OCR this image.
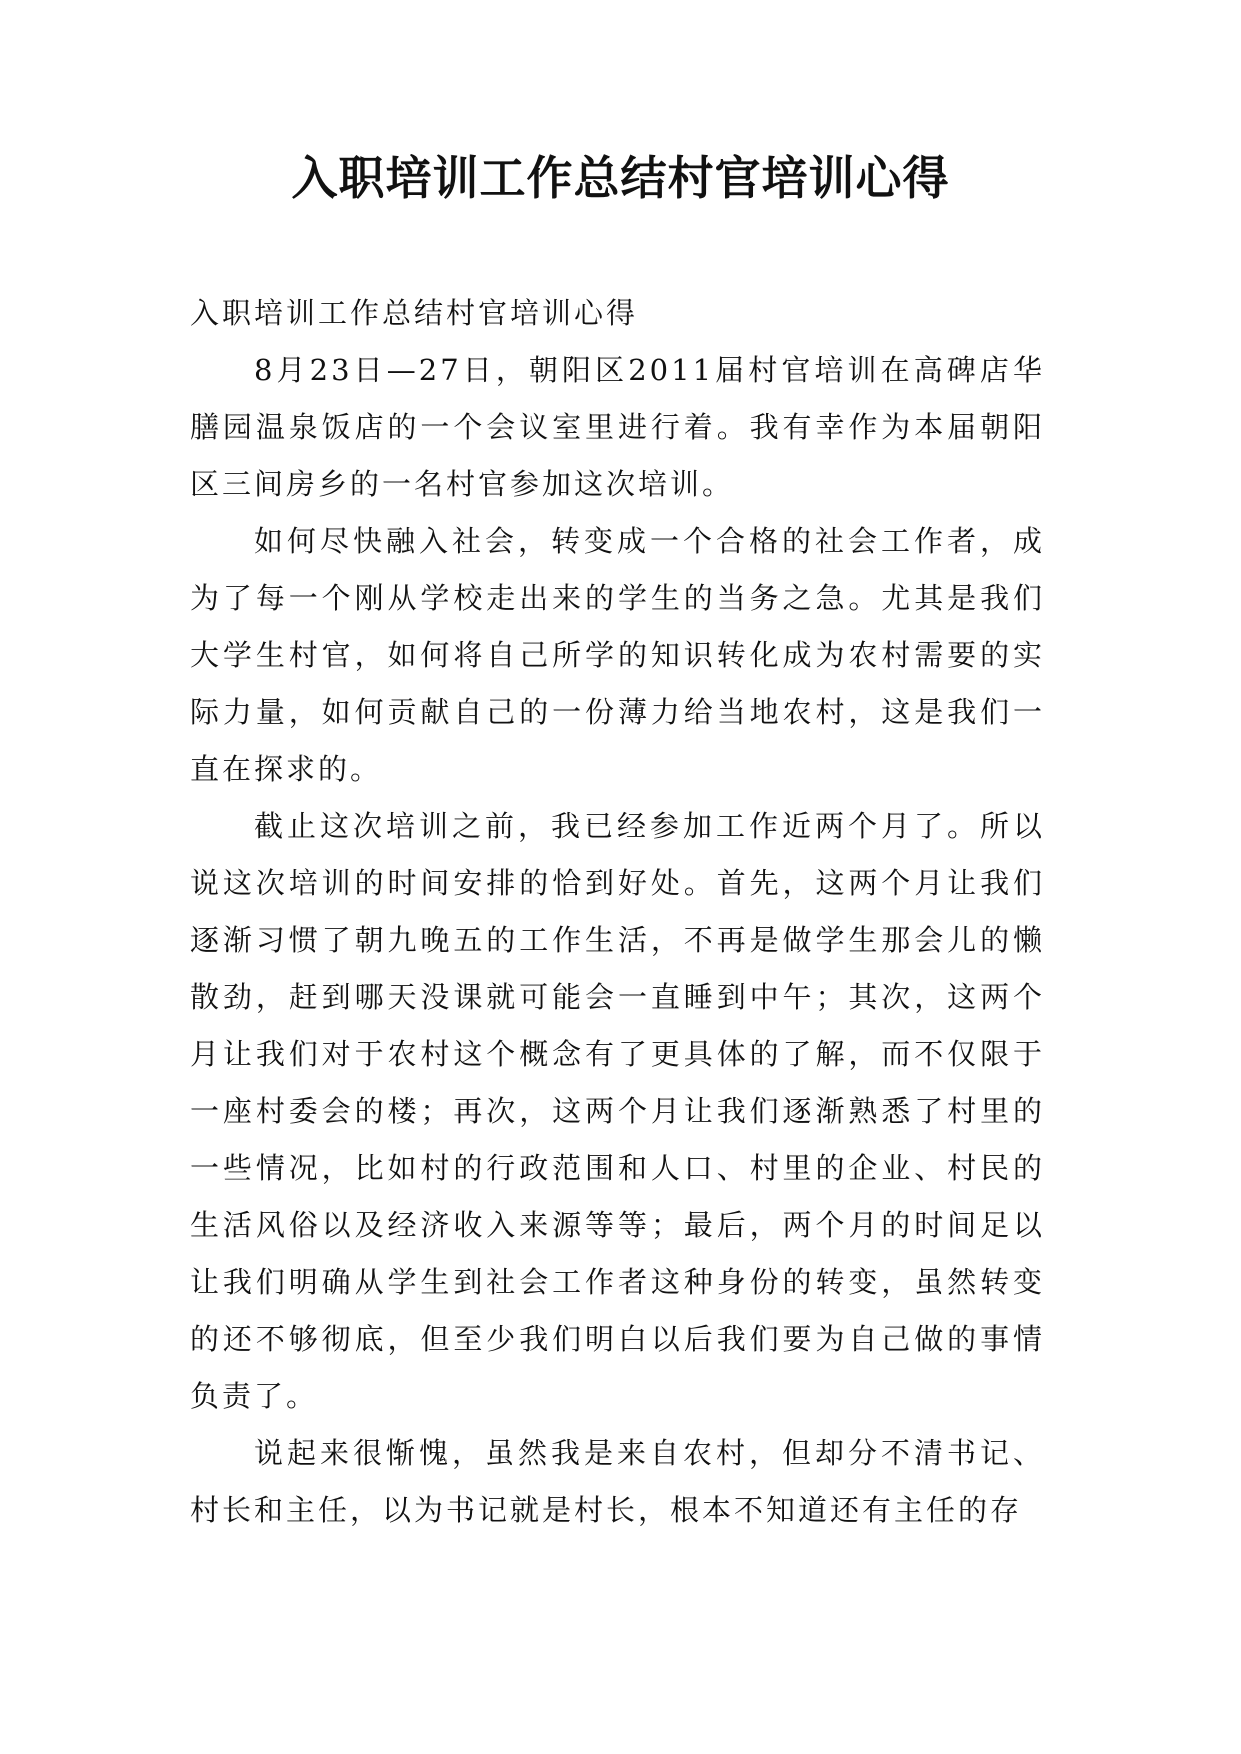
入职培训工作总结村官培训心得

入职培训工作总结村官培训心得

8月23日—27日，朝阳区2011届村官培训在高碑店华膳园温泉饭店的一个会议室里进行着。我有幸作为本届朝阳区三间房乡的一名村官参加这次培训。

如何尽快融入社会，转变成一个合格的社会工作者，成为了每一个刚从学校走出来的学生的当务之急。尤其是我们大学生村官，如何将自己所学的知识转化成为农村需要的实际力量，如何贡献自己的一份薄力给当地农村，这是我们一直在探求的。

截止这次培训之前，我已经参加工作近两个月了。所以说这次培训的时间安排的恰到好处。首先，这两个月让我们逐渐习惯了朝九晚五的工作生活，不再是做学生那会儿的懒散劲，赶到哪天没课就可能会一直睡到中午；其次，这两个月让我们对于农村这个概念有了更具体的了解，而不仅限于一座村委会的楼；再次，这两个月让我们逐渐熟悉了村里的一些情况，比如村的行政范围和人口、村里的企业、村民的生活风俗以及经济收入来源等等；最后，两个月的时间足以让我们明确从学生到社会工作者这种身份的转变，虽然转变的还不够彻底，但至少我们明白以后我们要为自己做的事情负责了。

说起来很惭愧，虽然我是来自农村，但却分不清书记、村长和主任，以为书记就是村长，根本不知道还有主任的存
